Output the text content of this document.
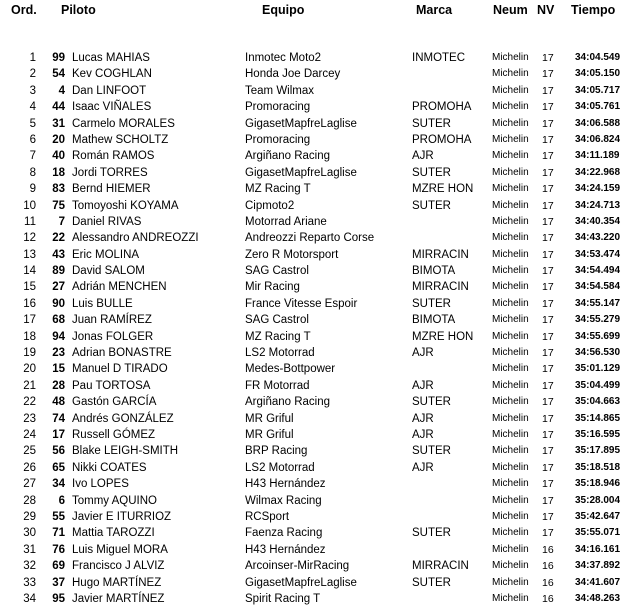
Ord. Piloto	Equipo	Marca	Neum NV Tiempo
1 99 Lucas MAHIAS	Inmotec Moto2	INMOTEC	Michelin 17 34:04.549
2 54 Kev COGHLAN	Honda Joe Darcey	Michelin 17 34:05.150
3 4 Dan LINFOOT	Team Wilmax	Michelin 17 34:05.717
4 44 Isaac VIÑALES	Promoracing	PROMOHA Michelin 17 34:05.761
5 31 Carmelo MORALES	GigasetMapfreLaglise	SUTER	Michelin 17 34:06.588
6 20 Mathew SCHOLTZ	Promoracing	PROMOHA Michelin 17 34:06.824
7 40 Román RAMOS	Argiñano Racing	AJR	Michelin 17 34:11.189
8 18 Jordi TORRES	GigasetMapfreLaglise	SUTER	Michelin 17 34:22.968
9 83 Bernd HIEMER	MZ Racing T	MZRE HON Michelin 17 34:24.159
10 75 Tomoyoshi KOYAMA	Cipmoto2	SUTER	Michelin 17 34:24.713
11 7 Daniel RIVAS	Motorrad Ariane	Michelin 17 34:40.354
12 22 Alessandro ANDREOZZI	Andreozzi Reparto Corse	Michelin 17 34:43.220
13 43 Eric MOLINA	Zero R Motorsport	MIRRACIN Michelin 17 34:53.474
14 89 David SALOM	SAG Castrol	BIMOTA	Michelin 17 34:54.494
15 27 Adrián MENCHEN	Mir Racing	MIRRACIN Michelin 17 34:54.584
16 90 Luis BULLE	France Vitesse Espoir	SUTER	Michelin 17 34:55.147
17 68 Juan RAMÍREZ	SAG Castrol	BIMOTA	Michelin 17 34:55.279
18 94 Jonas FOLGER	MZ Racing T	MZRE HON Michelin 17 34:55.699
19 23 Adrian BONASTRE	LS2 Motorrad	AJR	Michelin 17 34:56.530
20 15 Manuel D TIRADO	Medes-Bottpower	Michelin 17 35:01.129
21 28 Pau TORTOSA	FR Motorrad	AJR	Michelin 17 35:04.499
22 48 Gastón GARCÍA	Argiñano Racing	SUTER	Michelin 17 35:04.663
23 74 Andrés GONZÁLEZ	MR Griful	AJR	Michelin 17 35:14.865
24 17 Russell GÓMEZ	MR Griful	AJR	Michelin 17 35:16.595
25 56 Blake LEIGH-SMITH	BRP Racing	SUTER	Michelin 17 35:17.895
26 65 Nikki COATES	LS2 Motorrad	AJR	Michelin 17 35:18.518
27 34 Ivo LOPES	H43 Hernández	Michelin 17 35:18.946
28 6 Tommy AQUINO	Wilmax Racing	Michelin 17 35:28.004
29 55 Javier E ITURRIOZ	RCSport	Michelin 17 35:42.647
30 71 Mattia TAROZZI	Faenza Racing	SUTER	Michelin 17 35:55.071
31 76 Luis Miguel MORA	H43 Hernández	Michelin 16 34:16.161
32 69 Francisco J ALVIZ	Arcoinser-MirRacing	MIRRACIN Michelin 16 34:37.892
33 37 Hugo MARTÍNEZ	GigasetMapfreLaglise	SUTER	Michelin 16 34:41.607
34 95 Javier MARTÍNEZ	Spirit Racing T	Michelin 16 34:48.263
